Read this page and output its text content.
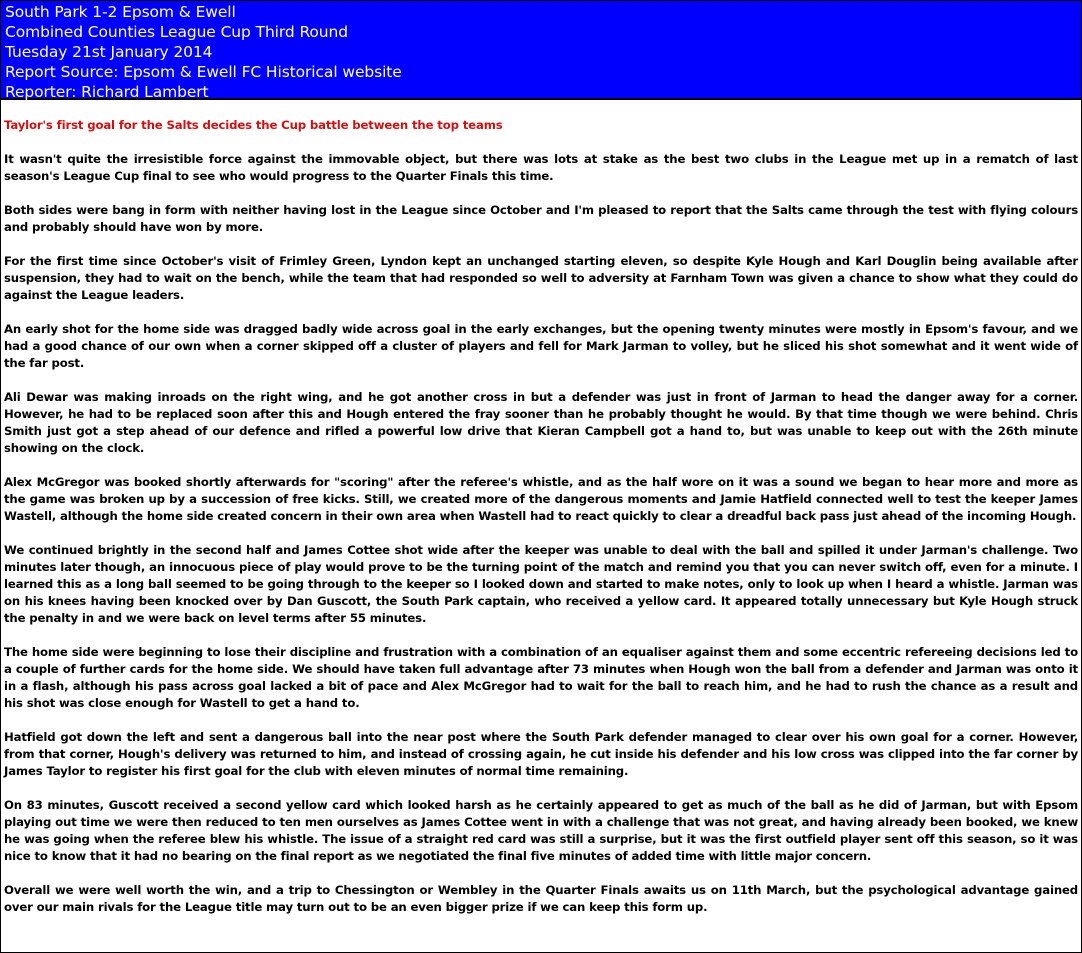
South Park 1-2 Epsom & Ewell
Combined Counties League Cup Third Round
Tuesday 21st January 2014
Report Source: Epsom & Ewell FC Historical website
Reporter: Richard Lambert

Taylor's first goal for the Salts decides the Cup battle between the top teams

It wasn't quite the irresistible force against the immovable object, but there was lots at stake as the best two clubs in the League met up in a rematch of last season's League Cup final to see who would progress to the Quarter Finals this time.

Both sides were bang in form with neither having lost in the League since October and I'm pleased to report that the Salts came through the test with flying colours and probably should have won by more.

For the first time since October's visit of Frimley Green, Lyndon kept an unchanged starting eleven, so despite Kyle Hough and Karl Douglin being available after suspension, they had to wait on the bench, while the team that had responded so well to adversity at Farnham Town was given a chance to show what they could do against the League leaders.

An early shot for the home side was dragged badly wide across goal in the early exchanges, but the opening twenty minutes were mostly in Epsom's favour, and we had a good chance of our own when a corner skipped off a cluster of players and fell for Mark Jarman to volley, but he sliced his shot somewhat and it went wide of the far post.

Ali Dewar was making inroads on the right wing, and he got another cross in but a defender was just in front of Jarman to head the danger away for a corner. However, he had to be replaced soon after this and Hough entered the fray sooner than he probably thought he would. By that time though we were behind. Chris Smith just got a step ahead of our defence and rifled a powerful low drive that Kieran Campbell got a hand to, but was unable to keep out with the 26th minute showing on the clock.

Alex McGregor was booked shortly afterwards for "scoring" after the referee's whistle, and as the half wore on it was a sound we began to hear more and more as the game was broken up by a succession of free kicks. Still, we created more of the dangerous moments and Jamie Hatfield connected well to test the keeper James Wastell, although the home side created concern in their own area when Wastell had to react quickly to clear a dreadful back pass just ahead of the incoming Hough.

We continued brightly in the second half and James Cottee shot wide after the keeper was unable to deal with the ball and spilled it under Jarman's challenge. Two minutes later though, an innocuous piece of play would prove to be the turning point of the match and remind you that you can never switch off, even for a minute. I learned this as a long ball seemed to be going through to the keeper so I looked down and started to make notes, only to look up when I heard a whistle. Jarman was on his knees having been knocked over by Dan Guscott, the South Park captain, who received a yellow card. It appeared totally unnecessary but Kyle Hough struck the penalty in and we were back on level terms after 55 minutes.

The home side were beginning to lose their discipline and frustration with a combination of an equaliser against them and some eccentric refereeing decisions led to a couple of further cards for the home side. We should have taken full advantage after 73 minutes when Hough won the ball from a defender and Jarman was onto it in a flash, although his pass across goal lacked a bit of pace and Alex McGregor had to wait for the ball to reach him, and he had to rush the chance as a result and his shot was close enough for Wastell to get a hand to.

Hatfield got down the left and sent a dangerous ball into the near post where the South Park defender managed to clear over his own goal for a corner. However, from that corner, Hough's delivery was returned to him, and instead of crossing again, he cut inside his defender and his low cross was clipped into the far corner by James Taylor to register his first goal for the club with eleven minutes of normal time remaining.

On 83 minutes, Guscott received a second yellow card which looked harsh as he certainly appeared to get as much of the ball as he did of Jarman, but with Epsom playing out time we were then reduced to ten men ourselves as James Cottee went in with a challenge that was not great, and having already been booked, we knew he was going when the referee blew his whistle. The issue of a straight red card was still a surprise, but it was the first outfield player sent off this season, so it was nice to know that it had no bearing on the final report as we negotiated the final five minutes of added time with little major concern.

Overall we were well worth the win, and a trip to Chessington or Wembley in the Quarter Finals awaits us on 11th March, but the psychological advantage gained over our main rivals for the League title may turn out to be an even bigger prize if we can keep this form up.
